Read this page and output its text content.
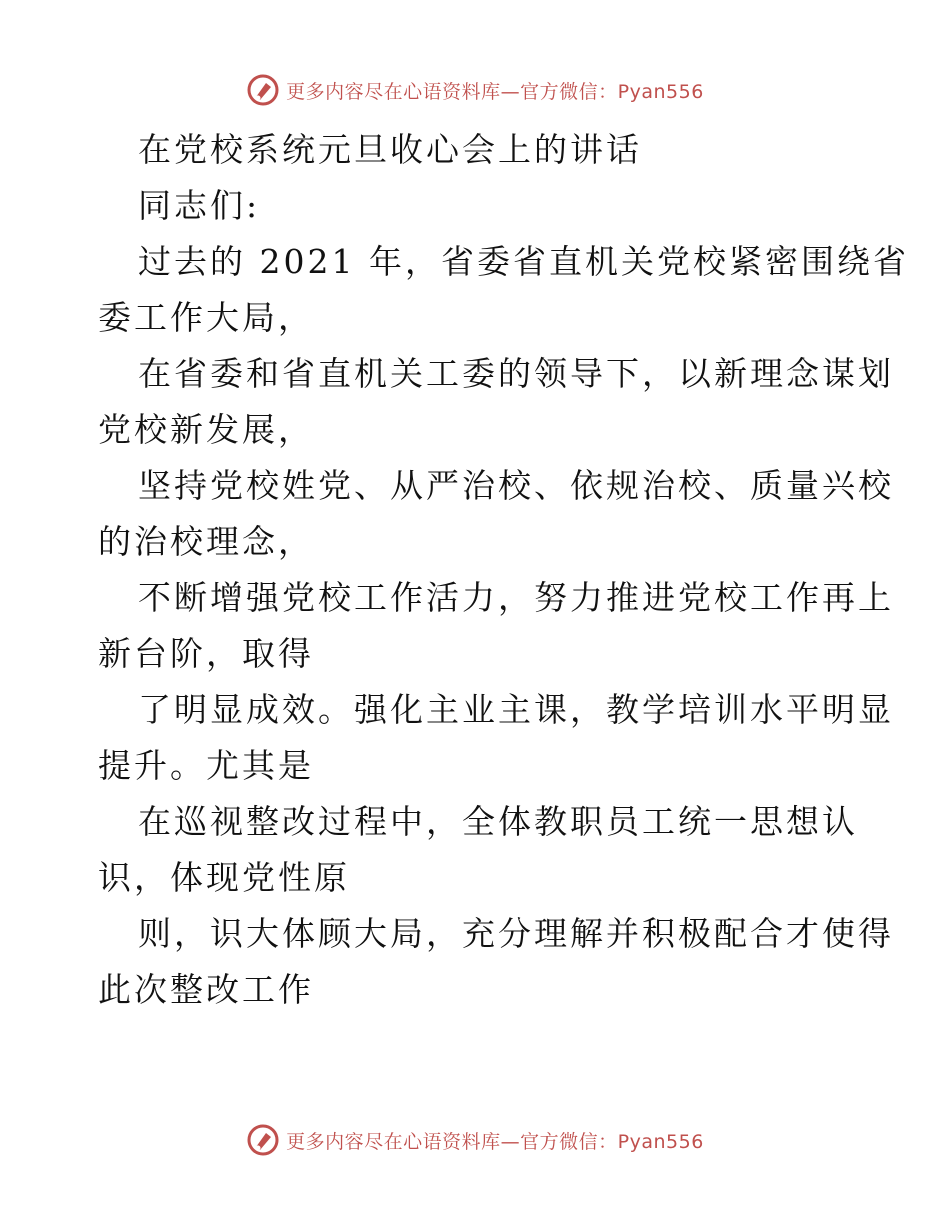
更多内容尽在心语资料库—官方微信：Pyan556

在党校系统元旦收心会上的讲话

同志们:

过去的 2021 年，省委省直机关党校紧密围绕省

委工作大局，

在省委和省直机关工委的领导下，以新理念谋划

党校新发展，

坚持党校姓党、从严治校、依规治校、质量兴校

的治校理念，

不断增强党校工作活力，努力推进党校工作再上

新台阶，取得

了明显成效。强化主业主课，教学培训水平明显

提升。尤其是

在巡视整改过程中，全体教职员工统一思想认

识，体现党性原

则，识大体顾大局，充分理解并积极配合才使得

此次整改工作

更多内容尽在心语资料库—官方微信：Pyan556
